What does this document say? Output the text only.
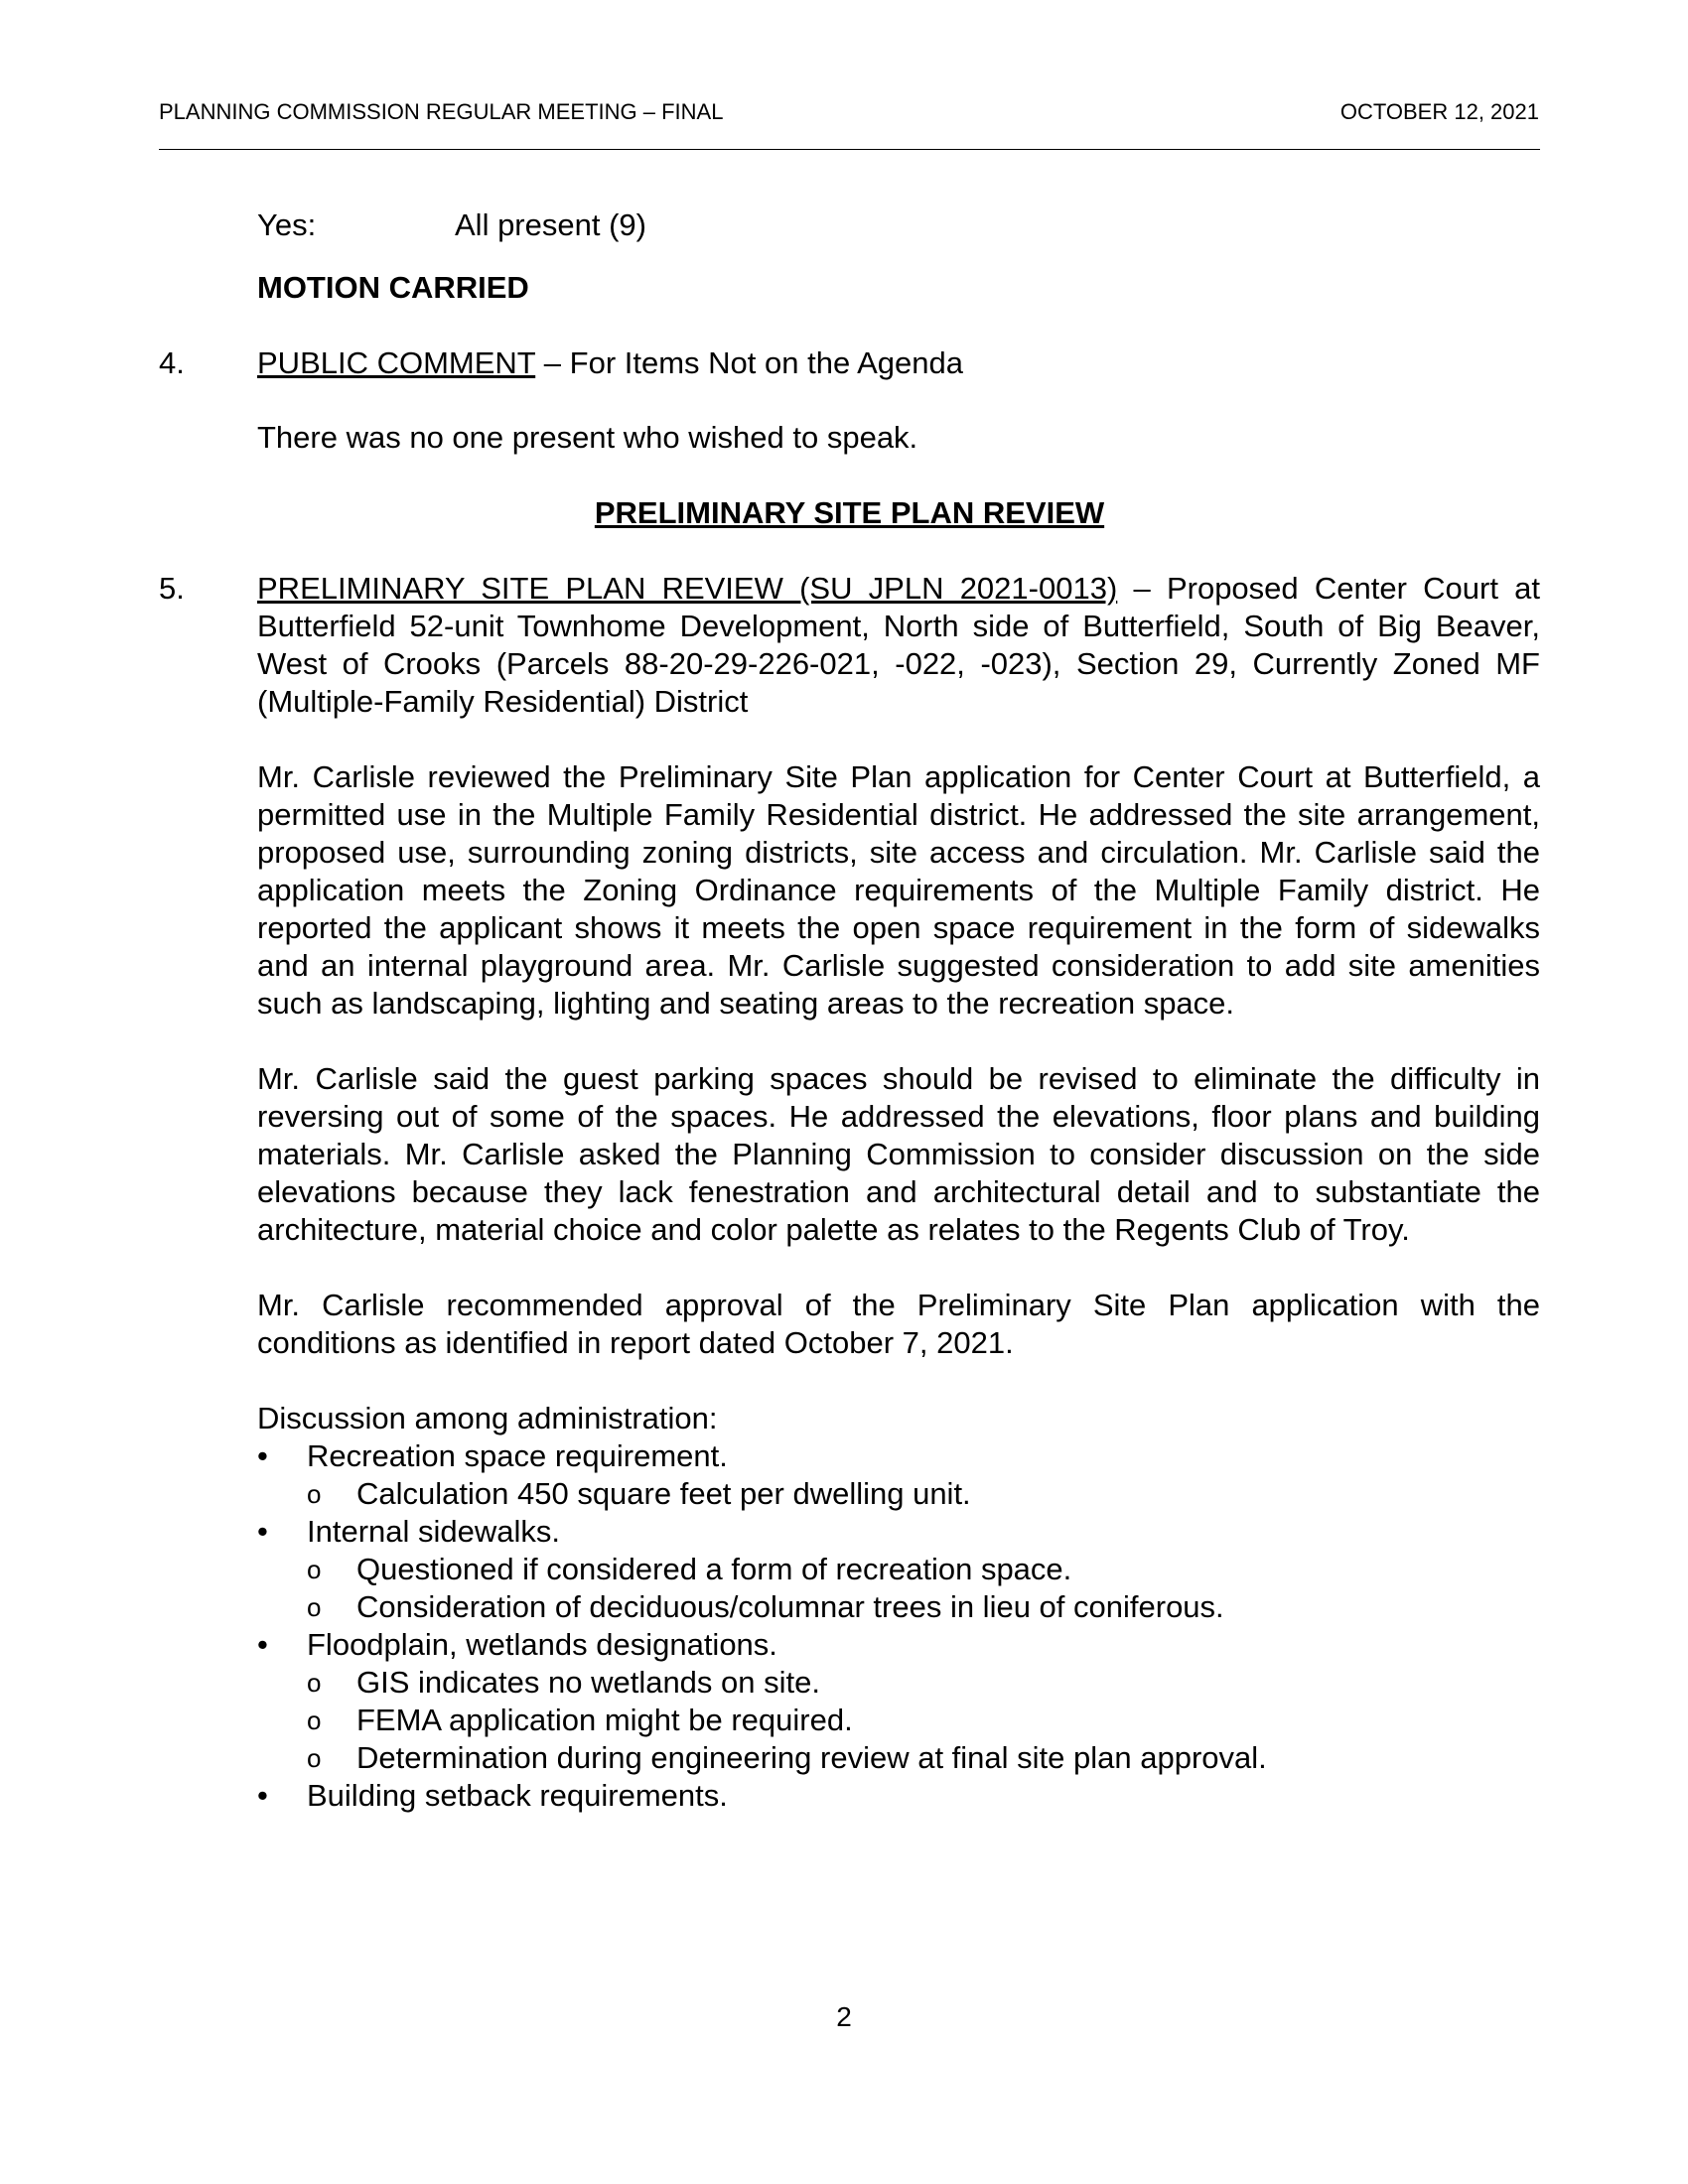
PLANNING COMMISSION REGULAR MEETING – FINAL	OCTOBER 12, 2021
Yes:	All present (9)
MOTION CARRIED
4.	PUBLIC COMMENT – For Items Not on the Agenda
There was no one present who wished to speak.
PRELIMINARY SITE PLAN REVIEW
5.	PRELIMINARY SITE PLAN REVIEW (SU JPLN 2021-0013) – Proposed Center Court at Butterfield 52-unit Townhome Development, North side of Butterfield, South of Big Beaver, West of Crooks (Parcels 88-20-29-226-021, -022, -023), Section 29, Currently Zoned MF (Multiple-Family Residential) District
Mr. Carlisle reviewed the Preliminary Site Plan application for Center Court at Butterfield, a permitted use in the Multiple Family Residential district. He addressed the site arrangement, proposed use, surrounding zoning districts, site access and circulation. Mr. Carlisle said the application meets the Zoning Ordinance requirements of the Multiple Family district. He reported the applicant shows it meets the open space requirement in the form of sidewalks and an internal playground area. Mr. Carlisle suggested consideration to add site amenities such as landscaping, lighting and seating areas to the recreation space.
Mr. Carlisle said the guest parking spaces should be revised to eliminate the difficulty in reversing out of some of the spaces. He addressed the elevations, floor plans and building materials. Mr. Carlisle asked the Planning Commission to consider discussion on the side elevations because they lack fenestration and architectural detail and to substantiate the architecture, material choice and color palette as relates to the Regents Club of Troy.
Mr. Carlisle recommended approval of the Preliminary Site Plan application with the conditions as identified in report dated October 7, 2021.
Discussion among administration:
•	Recreation space requirement.
o	Calculation 450 square feet per dwelling unit.
•	Internal sidewalks.
o	Questioned if considered a form of recreation space.
o	Consideration of deciduous/columnar trees in lieu of coniferous.
•	Floodplain, wetlands designations.
o	GIS indicates no wetlands on site.
o	FEMA application might be required.
o	Determination during engineering review at final site plan approval.
•	Building setback requirements.
2
